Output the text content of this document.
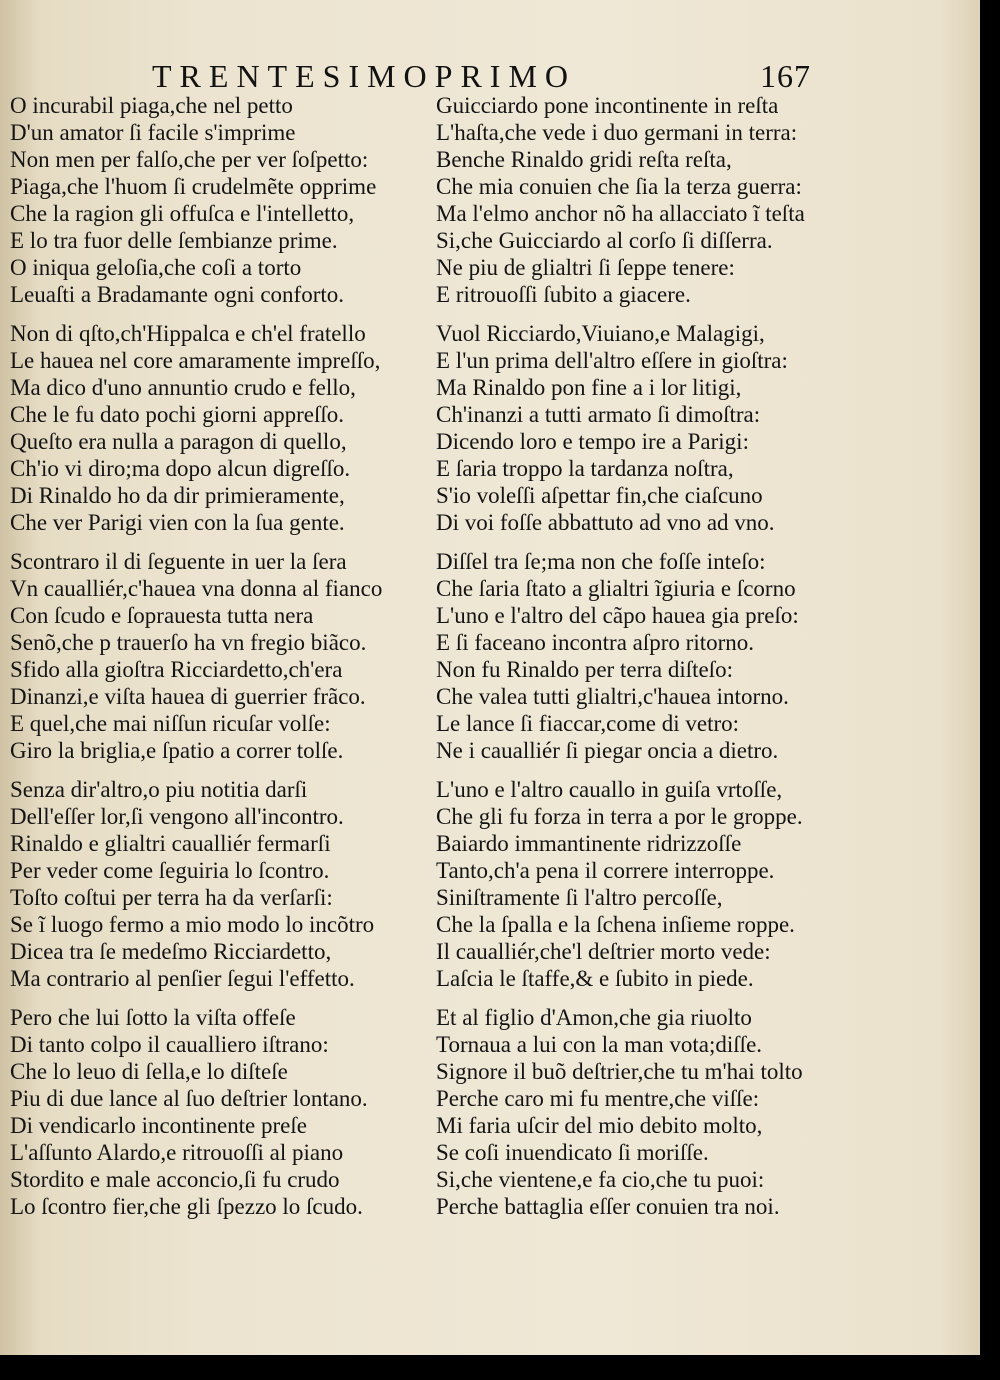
TRENTESIMOPRIMO	167
O incurabil piaga,che nel petto
D'un amator ſi facile s'imprime
Non men per falſo,che per ver ſoſpetto:
Piaga,che l'huom ſi crudelmẽte opprime
Che la ragion gli offuſca e l'intelletto,
E lo tra fuor delle ſembianze prime.
O iniqua geloſia,che coſi a torto
Leuaſti a Bradamante ogni conforto.
Non di qſto,ch'Hippalca e ch'el fratello
Le hauea nel core amaramente impreſſo,
Ma dico d'uno annuntio crudo e fello,
Che le fu dato pochi giorni appreſſo.
Queſto era nulla a paragon di quello,
Ch'io vi diro;ma dopo alcun digreſſo.
Di Rinaldo ho da dir primieramente,
Che ver Parigi vien con la ſua gente.
Scontraro il di ſeguente in uer la ſera
Vn caualliér,c'hauea vna donna al fianco
Con ſcudo e ſoprauesta tutta nera
Senõ,che p trauerſo ha vn fregio biãco.
Sfido alla gioſtra Ricciardetto,ch'era
Dinanzi,e viſta hauea di guerrier frãco.
E quel,che mai niſſun ricuſar volſe:
Giro la briglia,e ſpatio a correr tolſe.
Senza dir'altro,o piu notitia darſi
Dell'eſſer lor,ſi vengono all'incontro.
Rinaldo e glialtri caualliér fermarſi
Per veder come ſeguiria lo ſcontro.
Toſto coſtui per terra ha da verſarſi:
Se ĩ luogo fermo a mio modo lo incõtro
Dicea tra ſe medeſmo Ricciardetto,
Ma contrario al penſier ſegui l'effetto.
Pero che lui ſotto la viſta offeſe
Di tanto colpo il caualliero iſtrano:
Che lo leuo di ſella,e lo diſteſe
Piu di due lance al ſuo deſtrier lontano.
Di vendicarlo incontinente preſe
L'aſſunto Alardo,e ritrouoſſi al piano
Stordito e male acconcio,ſi fu crudo
Lo ſcontro fier,che gli ſpezzo lo ſcudo.
Guicciardo pone incontinente in reſta
L'haſta,che vede i duo germani in terra:
Benche Rinaldo gridi reſta reſta,
Che mia conuien che ſia la terza guerra:
Ma l'elmo anchor nõ ha allacciato ĩ teſta
Si,che Guicciardo al corſo ſi diſſerra.
Ne piu de glialtri ſi ſeppe tenere:
E ritrouoſſi ſubito a giacere.
Vuol Ricciardo,Viuiano,e Malagigi,
E l'un prima dell'altro eſſere in gioſtra:
Ma Rinaldo pon fine a i lor litigi,
Ch'inanzi a tutti armato ſi dimoſtra:
Dicendo loro e tempo ire a Parigi:
E ſaria troppo la tardanza noſtra,
S'io voleſſi aſpettar fin,che ciaſcuno
Di voi foſſe abbattuto ad vno ad vno.
Diſſel tra ſe;ma non che foſſe inteſo:
Che ſaria ſtato a glialtri ĩgiuria e ſcorno
L'uno e l'altro del cãpo hauea gia preſo:
E ſi faceano incontra aſpro ritorno.
Non fu Rinaldo per terra diſteſo:
Che valea tutti glialtri,c'hauea intorno.
Le lance ſi fiaccar,come di vetro:
Ne i caualliér ſi piegar oncia a dietro.
L'uno e l'altro cauallo in guiſa vrtoſſe,
Che gli fu forza in terra a por le groppe.
Baiardo immantinente ridrizzoſſe
Tanto,ch'a pena il correre interroppe.
Siniſtramente ſi l'altro percoſſe,
Che la ſpalla e la ſchena inſieme roppe.
Il caualliér,che'l deſtrier morto vede:
Laſcia le ſtaffe,& e ſubito in piede.
Et al figlio d'Amon,che gia riuolto
Tornaua a lui con la man vota;diſſe.
Signore il buõ deſtrier,che tu m'hai tolto
Perche caro mi fu mentre,che viſſe:
Mi faria uſcir del mio debito molto,
Se coſi inuendicato ſi moriſſe.
Si,che vientene,e fa cio,che tu puoi:
Perche battaglia eſſer conuien tra noi.
